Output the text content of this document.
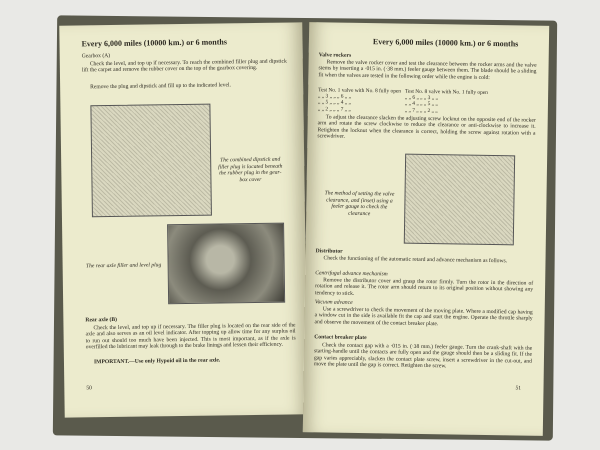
Every 6,000 miles (10000 km.) or 6 months
Gearbox (A)
Check the level, and top up if necessary. To reach the combined filler plug and dipstick lift the carpet and remove the rubber cover on the top of the gearbox covering.
Remove the plug and dipstick and fill up to the indicated level.
The combined dipstick and filler plug is located beneath the rubber plug in the gear-box cover
The rear axle filler and level plug
Rear axle (B)
Check the level, and top up if necessary. The filler plug is located on the rear side of the axle and also serves as an oil level indicator. After topping up allow time for any surplus oil to run out should too much have been injected. This is most important, as if the axle is overfilled the lubricant may leak through to the brake linings and lessen their efficiency.
IMPORTANT.—Use only Hypoid oil in the rear axle.
50
Every 6,000 miles (10000 km.) or 6 months
Valve rockers
Remove the valve rocker cover and test the clearance between the rocker arms and the valve stems by inserting a ·015 in. (·38 mm.) feeler gauge between them. The blade should be a sliding fit when the valves are tested in the following order while the engine is cold:
Test No. 1 valve with No. 8 fully open	Test No. 8 valve with No. 1 fully open
„ „ 3 „ „ „ 6 „ „	„ „ 6 „ „ „ 3 „ „
„ „ 5 „ „ „ 4 „ „	„ „ 4 „ „ „ 5 „ „
„ „ 2 „ „ „ 7 „ „	„ „ 7 „ „ „ 2 „ „
To adjust the clearance slacken the adjusting screw locknut on the opposite end of the rocker arm and rotate the screw clockwise to reduce the clearance or anti-clockwise to increase it. Retighten the locknut when the clearance is correct, holding the screw against rotation with a screwdriver.
The method of setting the valve clearance, and (inset) using a feeler gauge to check the clearance
Distributor
Check the functioning of the automatic retard and advance mechanism as follows.
Centrifugal advance mechanism
Remove the distributor cover and grasp the rotor firmly. Turn the rotor in the direction of rotation and release it. The rotor arm should return to its original position without showing any tendency to stick.
Vacuum advance
Use a screwdriver to check the movement of the moving plate. Where a modified cap having a window cut in the side is available fit the cap and start the engine. Operate the throttle sharply and observe the movement of the contact breaker plate.
Contact breaker plate
Check the contact gap with a ·015 in. (·38 mm.) feeler gauge. Turn the crank-shaft with the starting-handle until the contacts are fully open and the gauge should then be a sliding fit. If the gap varies appreciably, slacken the contact plate screw, insert a screwdriver in the cut-out, and move the plate until the gap is correct. Retighten the screw.
51
